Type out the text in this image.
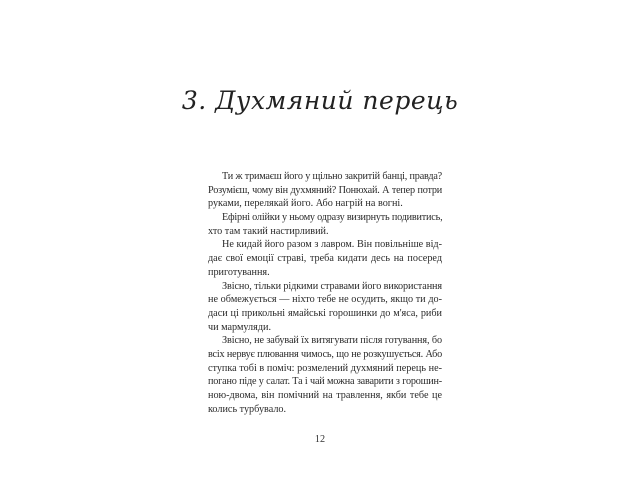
3. Духмяний перець
Ти ж тримаєш його у щільно закритій банці, правда?
Розумієш, чому він духмяний? Понюхай. А тепер потри
руками, перелякай його. Або нагрій на вогні.
Ефірні олійки у ньому одразу визирнуть подивитись,
хто там такий настирливий.
Не кидай його разом з лавром. Він повільніше від-
дає свої емоції страві, треба кидати десь на посеред
приготування.
Звісно, тільки рідкими стравами його використання
не обмежується — ніхто тебе не осудить, якщо ти до-
даси ці прикольні ямайські горошинки до м'яса, риби
чи мармуляди.
Звісно, не забувай їх витягувати після готування, бо
всіх нервує плювання чимось, що не розкушується. Або
ступка тобі в поміч: розмелений духмяний перець не-
погано піде у салат. Та і чай можна заварити з горошин-
ною-двома, він помічний на травлення, якби тебе це
колись турбувало.
12
